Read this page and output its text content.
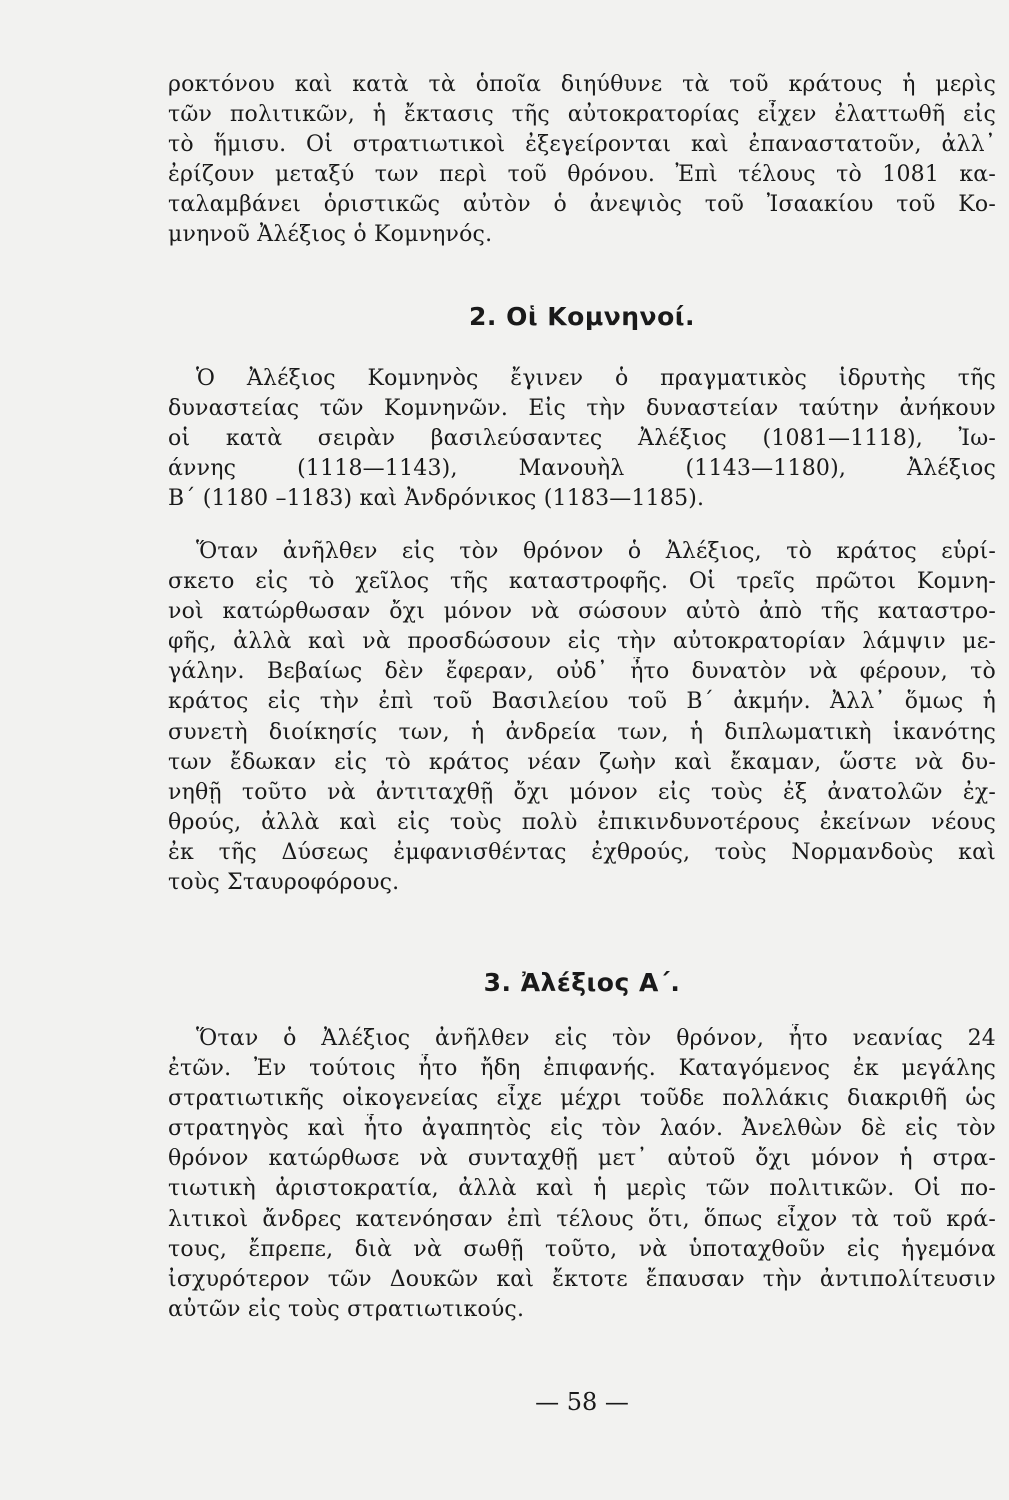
ροκτόνου καὶ κατὰ τὰ ὁποῖα διηύθυνε τὰ τοῦ κράτους ἡ μερὶς
τῶν πολιτικῶν, ἡ ἔκτασις τῆς αὐτοκρατορίας εἶχεν ἐλαττωθῆ εἰς
τὸ ἥμισυ. Οἱ στρατιωτικοὶ ἐξεγείρονται καὶ ἐπαναστατοῦν, ἀλλ᾽
ἐρίζουν μεταξύ των περὶ τοῦ θρόνου. Ἐπὶ τέλους τὸ 1081 κα-
ταλαμβάνει ὁριστικῶς αὐτὸν ὁ ἀνεψιὸς τοῦ Ἰσαακίου τοῦ Κο-
μνηνοῦ Ἀλέξιος ὁ Κομνηνός.
2. Οἱ Κομνηνοί.
Ὁ Ἀλέξιος Κομνηνὸς ἔγινεν ὁ πραγματικὸς ἱδρυτὴς τῆς
δυναστείας τῶν Κομνηνῶν. Εἰς τὴν δυναστείαν ταύτην ἀνήκουν
οἱ κατὰ σειρὰν βασιλεύσαντες Ἀλέξιος (1081—1118), Ἰω-
άννης (1118—1143), Μανουὴλ (1143—1180), Ἀλέξιος
Β΄ (1180 –1183) καὶ Ἀνδρόνικος (1183—1185).
Ὅταν ἀνῆλθεν εἰς τὸν θρόνον ὁ Ἀλέξιος, τὸ κράτος εὑρί-
σκετο εἰς τὸ χεῖλος τῆς καταστροφῆς. Οἱ τρεῖς πρῶτοι Κομνη-
νοὶ κατώρθωσαν ὄχι μόνον νὰ σώσουν αὐτὸ ἀπὸ τῆς καταστρο-
φῆς, ἀλλὰ καὶ νὰ προσδώσουν εἰς τὴν αὐτοκρατορίαν λάμψιν με-
γάλην. Βεβαίως δὲν ἔφεραν, οὐδ᾽ ἦτο δυνατὸν νὰ φέρουν, τὸ
κράτος εἰς τὴν ἐπὶ τοῦ Βασιλείου τοῦ Β΄ ἀκμήν. Ἀλλ᾽ ὅμως ἡ
συνετὴ διοίκησίς των, ἡ ἀνδρεία των, ἡ διπλωματικὴ ἱκανότης
των ἔδωκαν εἰς τὸ κράτος νέαν ζωὴν καὶ ἔκαμαν, ὥστε νὰ δυ-
νηθῇ τοῦτο νὰ ἀντιταχθῇ ὄχι μόνον εἰς τοὺς ἐξ ἀνατολῶν ἐχ-
θρούς, ἀλλὰ καὶ εἰς τοὺς πολὺ ἐπικινδυνοτέρους ἐκείνων νέους
ἐκ τῆς Δύσεως ἐμφανισθέντας ἐχθρούς, τοὺς Νορμανδοὺς καὶ
τοὺς Σταυροφόρους.
3. Ἀλέξιος Α΄.
Ὅταν ὁ Ἀλέξιος ἀνῆλθεν εἰς τὸν θρόνον, ἦτο νεανίας 24
ἐτῶν. Ἐν τούτοις ἦτο ἤδη ἐπιφανής. Καταγόμενος ἐκ μεγάλης
στρατιωτικῆς οἰκογενείας εἶχε μέχρι τοῦδε πολλάκις διακριθῆ ὡς
στρατηγὸς καὶ ἦτο ἀγαπητὸς εἰς τὸν λαόν. Ἀνελθὼν δὲ εἰς τὸν
θρόνον κατώρθωσε νὰ συνταχθῇ μετ᾽ αὐτοῦ ὄχι μόνον ἡ στρα-
τιωτικὴ ἀριστοκρατία, ἀλλὰ καὶ ἡ μερὶς τῶν πολιτικῶν. Οἱ πο-
λιτικοὶ ἄνδρες κατενόησαν ἐπὶ τέλους ὅτι, ὅπως εἶχον τὰ τοῦ κρά-
τους, ἔπρεπε, διὰ νὰ σωθῇ τοῦτο, νὰ ὑποταχθοῦν εἰς ἡγεμόνα
ἰσχυρότερον τῶν Δουκῶν καὶ ἔκτοτε ἔπαυσαν τὴν ἀντιπολίτευσιν
αὐτῶν εἰς τοὺς στρατιωτικούς.
— 58 —
